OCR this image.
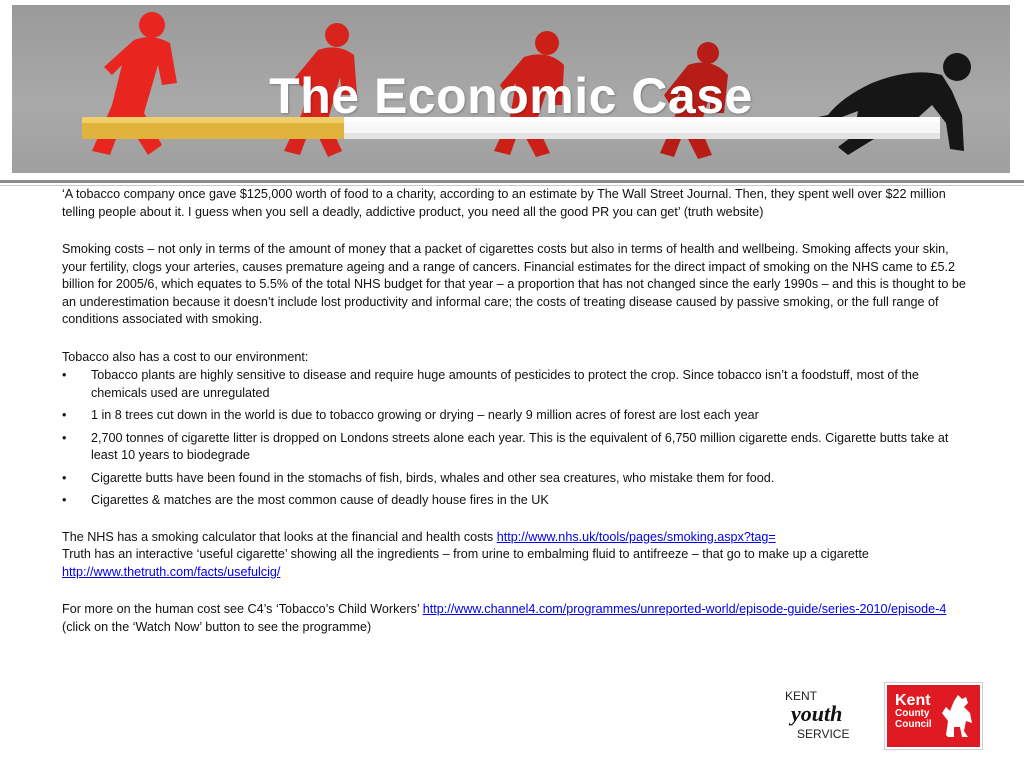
The Economic Case

‘A tobacco company once gave $125,000 worth of food to a charity, according to an estimate by The Wall Street Journal. Then, they spent well over $22 million telling people about it. I guess when you sell a deadly, addictive product, you need all the good PR you can get’ (truth website)

Smoking costs – not only in terms of the amount of money that a packet of cigarettes costs but also in terms of health and wellbeing. Smoking affects your skin, your fertility, clogs your arteries, causes premature ageing and a range of cancers. Financial estimates for the direct impact of smoking on the NHS came to £5.2 billion for 2005/6, which equates to 5.5% of the total NHS budget for that year – a proportion that has not changed since the early 1990s – and this is thought to be an underestimation because it doesn’t include lost productivity and informal care; the costs of treating disease caused by passive smoking, or the full range of conditions associated with smoking.

Tobacco also has a cost to our environment:

• Tobacco plants are highly sensitive to disease and require huge amounts of pesticides to protect the crop. Since tobacco isn’t a foodstuff, most of the chemicals used are unregulated
• 1 in 8 trees cut down in the world is due to tobacco growing or drying – nearly 9 million acres of forest are lost each year
• 2,700 tonnes of cigarette litter is dropped on Londons streets alone each year. This is the equivalent of 6,750 million cigarette ends. Cigarette butts take at least 10 years to biodegrade
• Cigarette butts have been found in the stomachs of fish, birds, whales and other sea creatures, who mistake them for food.
• Cigarettes & matches are the most common cause of deadly house fires in the UK

The NHS has a smoking calculator that looks at the financial and health costs http://www.nhs.uk/tools/pages/smoking.aspx?tag=

Truth has an interactive ‘useful cigarette’ showing all the ingredients – from urine to embalming fluid to antifreeze – that go to make up a cigarette http://www.thetruth.com/facts/usefulcig/

For more on the human cost see C4’s ‘Tobacco’s Child Workers’ http://www.channel4.com/programmes/unreported-world/episode-guide/series-2010/episode-4 (click on the ‘Watch Now’ button to see the programme)

KENT
youth
SERVICE
Kent
County
Council
